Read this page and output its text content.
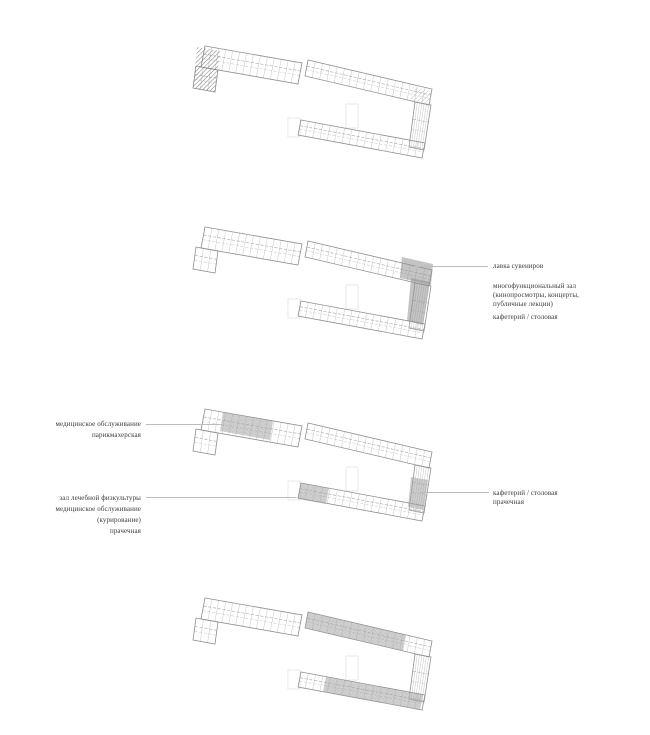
лавка сувениров
многофункциональный зал
(кинопросмотры, концерты,
публичные лекции)
кафетерий / столовая
медицинское обслуживание
парикмахерская
зал лечебной физкультуры
медицинское обслуживание
(курирование)
прачечная
кафетерий / столовая
прачечная
